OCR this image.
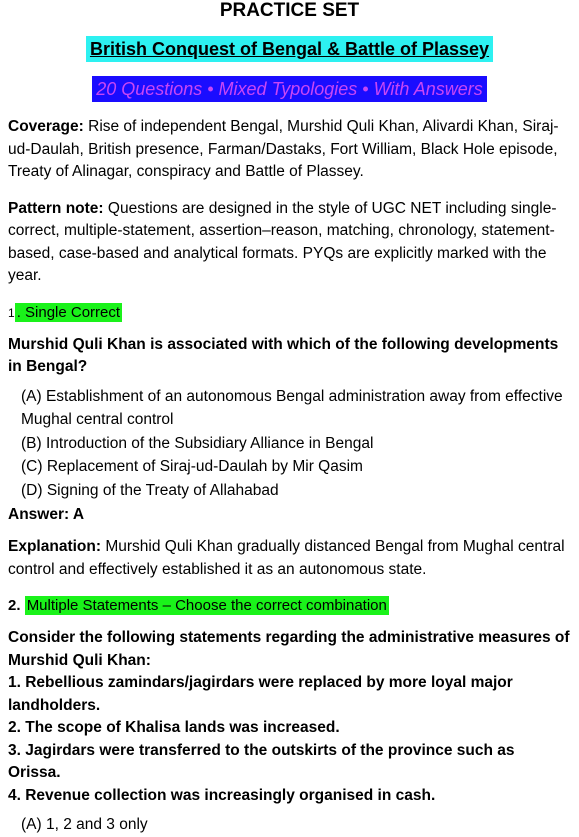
PRACTICE SET
British Conquest of Bengal & Battle of Plassey
20 Questions • Mixed Typologies • With Answers

Coverage: Rise of independent Bengal, Murshid Quli Khan, Alivardi Khan, Siraj-ud-Daulah, British presence, Farman/Dastaks, Fort William, Black Hole episode, Treaty of Alinagar, conspiracy and Battle of Plassey.

Pattern note: Questions are designed in the style of UGC NET including single-correct, multiple-statement, assertion–reason, matching, chronology, statement-based, case-based and analytical formats. PYQs are explicitly marked with the year.

1 . Single Correct
Murshid Quli Khan is associated with which of the following developments in Bengal?
(A) Establishment of an autonomous Bengal administration away from effective Mughal central control
(B) Introduction of the Subsidiary Alliance in Bengal
(C) Replacement of Siraj-ud-Daulah by Mir Qasim
(D) Signing of the Treaty of Allahabad
Answer: A
Explanation: Murshid Quli Khan gradually distanced Bengal from Mughal central control and effectively established it as an autonomous state.
2. Multiple Statements – Choose the correct combination
Consider the following statements regarding the administrative measures of Murshid Quli Khan:
1. Rebellious zamindars/jagirdars were replaced by more loyal major landholders.
2. The scope of Khalisa lands was increased.
3. Jagirdars were transferred to the outskirts of the province such as Orissa.
4. Revenue collection was increasingly organised in cash.
(A) 1, 2 and 3 only
